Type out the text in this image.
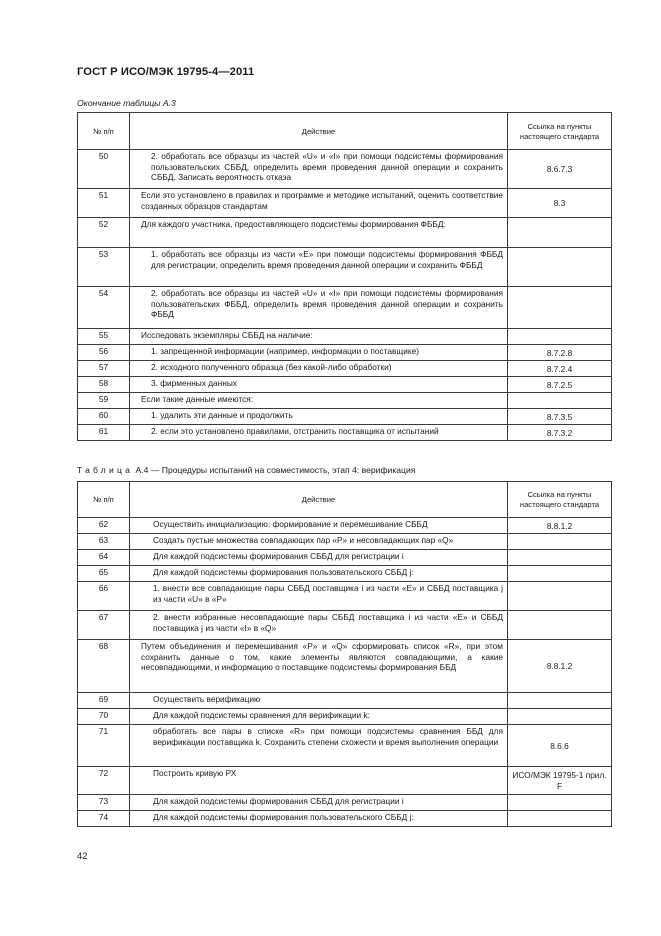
ГОСТ Р ИСО/МЭК 19795-4—2011
Окончание таблицы А.3
№ п/п	Действие	Ссылка на пункты настоящего стандарта
50	2. обработать все образцы из частей «U» и «I» при помощи подсистемы формирования пользовательских СББД, определить время проведения данной операции и сохранить СББД. Записать вероятность отказа	8.6.7.3
51	Если это установлено в правилах и программе и методике испытаний, оценить соответствие созданных образцов стандартам	8.3
52	Для каждого участника, предоставляющего подсистемы формирования ФББД:	
53	1. обработать все образцы из части «E» при помощи подсистемы формирования ФББД для регистрации, определить время проведения данной операции и сохранить ФББД	
54	2. обработать все образцы из частей «U» и «I» при помощи подсистемы формирования пользовательских ФББД, определить время проведения данной операции и сохранить ФББД	
55	Исследовать экземпляры СББД на наличие:	
56	1. запрещенной информации (например, информации о поставщике)	8.7.2.8
57	2. исходного полученного образца (без какой-либо обработки)	8.7.2.4
58	3. фирменных данных	8.7.2.5
59	Если такие данные имеются:	
60	1. удалить эти данные и продолжить	8.7.3.5
61	2. если это установлено правилами, отстранить поставщика от испытаний	8.7.3.2
Таблица А.4 — Процедуры испытаний на совместимость, этап 4: верификация
№ п/п	Действие	Ссылка на пункты настоящего стандарта
62	Осуществить инициализацию: формирование и перемешивание СББД	8.8.1.2
63	Создать пустые множества совпадающих пар «P» и несовпадающих пар «Q»	
64	Для каждой подсистемы формирования СББД для регистрации i	
65	Для каждой подсистемы формирования пользовательского СББД j:	
66	1. внести все совпадающие пары СББД поставщика i из части «E» и СББД поставщика j из части «U» в «P»	
67	2. внести избранные несовпадающие пары СББД поставщика i из части «E» и СББД поставщика j из части «I» в «Q»	
68	Путем объединения и перемешивания «P» и «Q» сформировать список «R», при этом сохранить данные о том, какие элементы являются совпадающими, а какие несовпадающими, и информацию о поставщике подсистемы формирования ББД	8.8.1.2
69	Осуществить верификацию	
70	Для каждой подсистемы сравнения для верификации k:	
71	обработать все пары в списке «R» при помощи подсистемы сравнения ББД для верификации поставщика k. Сохранить степени схожести и время выполнения операции	8.6.6
72	Построить кривую РХ	ИСО/МЭК 19795-1 прил. F
73	Для каждой подсистемы формирования СББД для регистрации i	
74	Для каждой подсистемы формирования пользовательского СББД j:	
42
